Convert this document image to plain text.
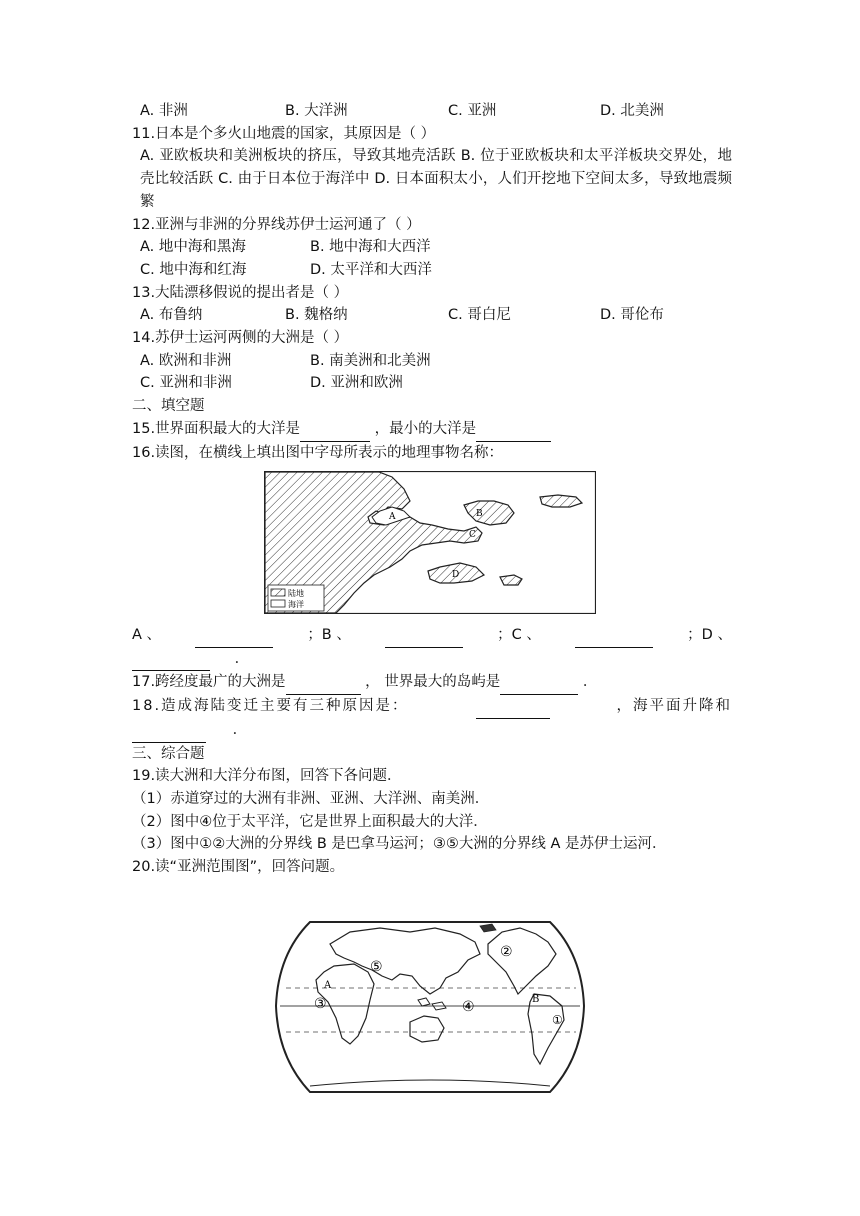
A. 非洲	B. 大洋洲	C. 亚洲	D. 北美洲
11.日本是个多火山地震的国家，其原因是（ ）
A. 亚欧板块和美洲板块的挤压，导致其地壳活跃 B. 位于亚欧板块和太平洋板块交界处，地壳比较活跃 C. 由于日本位于海洋中 D. 日本面积太小，人们开挖地下空间太多，导致地震频繁
12.亚洲与非洲的分界线苏伊士运河通了（ ）
A. 地中海和黑海	B. 地中海和大西洋
C. 地中海和红海	D. 太平洋和大西洋
13.大陆漂移假说的提出者是（ ）
A. 布鲁纳	B. 魏格纳	C. 哥白尼	D. 哥伦布
14.苏伊士运河两侧的大洲是（ ）
A. 欧洲和非洲	B. 南美洲和北美洲
C. 亚洲和非洲	D. 亚洲和欧洲
二、填空题
15.世界面积最大的大洋是	，最小的大洋是
16.读图，在横线上填出图中字母所表示的地理事物名称：
A	B
C
D
陆地
海洋
A 、
	；B 、
	；C 、
	；D 、
．
17.跨经度最广的大洲是	， 世界最大的岛屿是	．
18.造成海陆变迁主要有三种原因是：
	，海平面升降和
．
三、综合题
19.读大洲和大洋分布图，回答下各问题．
（1）赤道穿过的大洲有非洲、亚洲、大洋洲、南美洲．
（2）图中④位于太平洋，它是世界上面积最大的大洋．
（3）图中①②大洲的分界线 B 是巴拿马运河；③⑤大洲的分界线 A 是苏伊士运河．
20.读“亚洲范围图”，回答问题。
⑤
③	④
②
①
A
B
